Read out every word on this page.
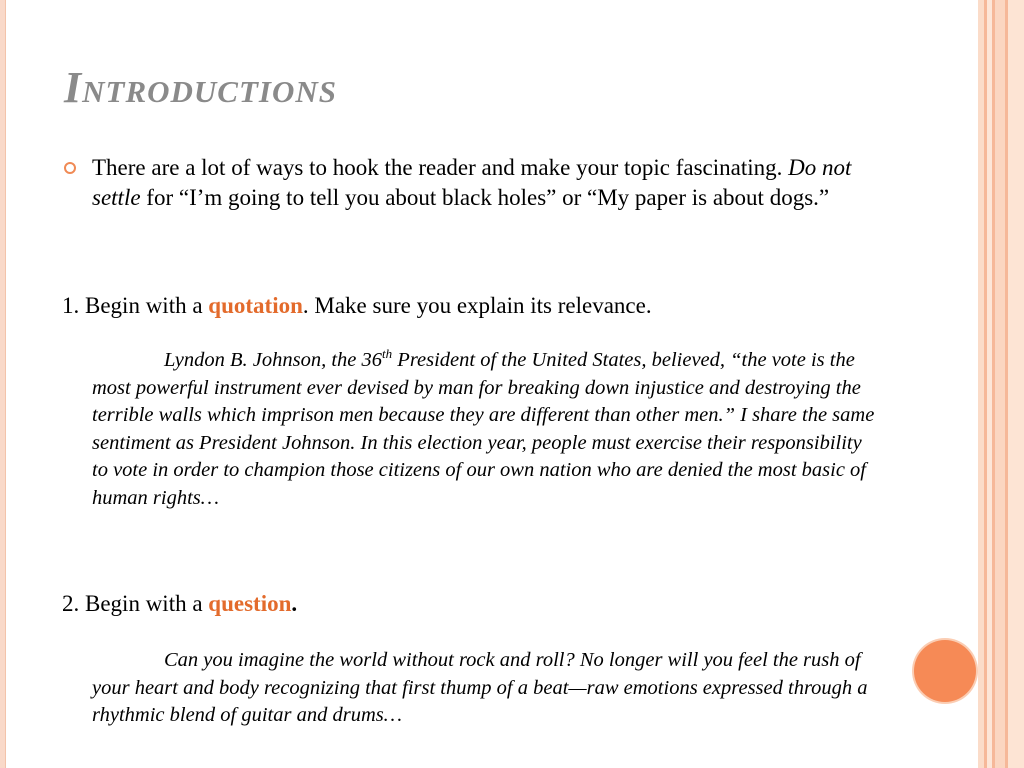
Introductions
There are a lot of ways to hook the reader and make your topic fascinating. Do not settle for “I’m going to tell you about black holes” or “My paper is about dogs.”
1. Begin with a quotation. Make sure you explain its relevance.
Lyndon B. Johnson, the 36th President of the United States, believed, “the vote is the most powerful instrument ever devised by man for breaking down injustice and destroying the terrible walls which imprison men because they are different than other men.” I share the same sentiment as President Johnson. In this election year, people must exercise their responsibility to vote in order to champion those citizens of our own nation who are denied the most basic of human rights…
2. Begin with a question.
Can you imagine the world without rock and roll? No longer will you feel the rush of your heart and body recognizing that first thump of a beat—raw emotions expressed through a rhythmic blend of guitar and drums…
